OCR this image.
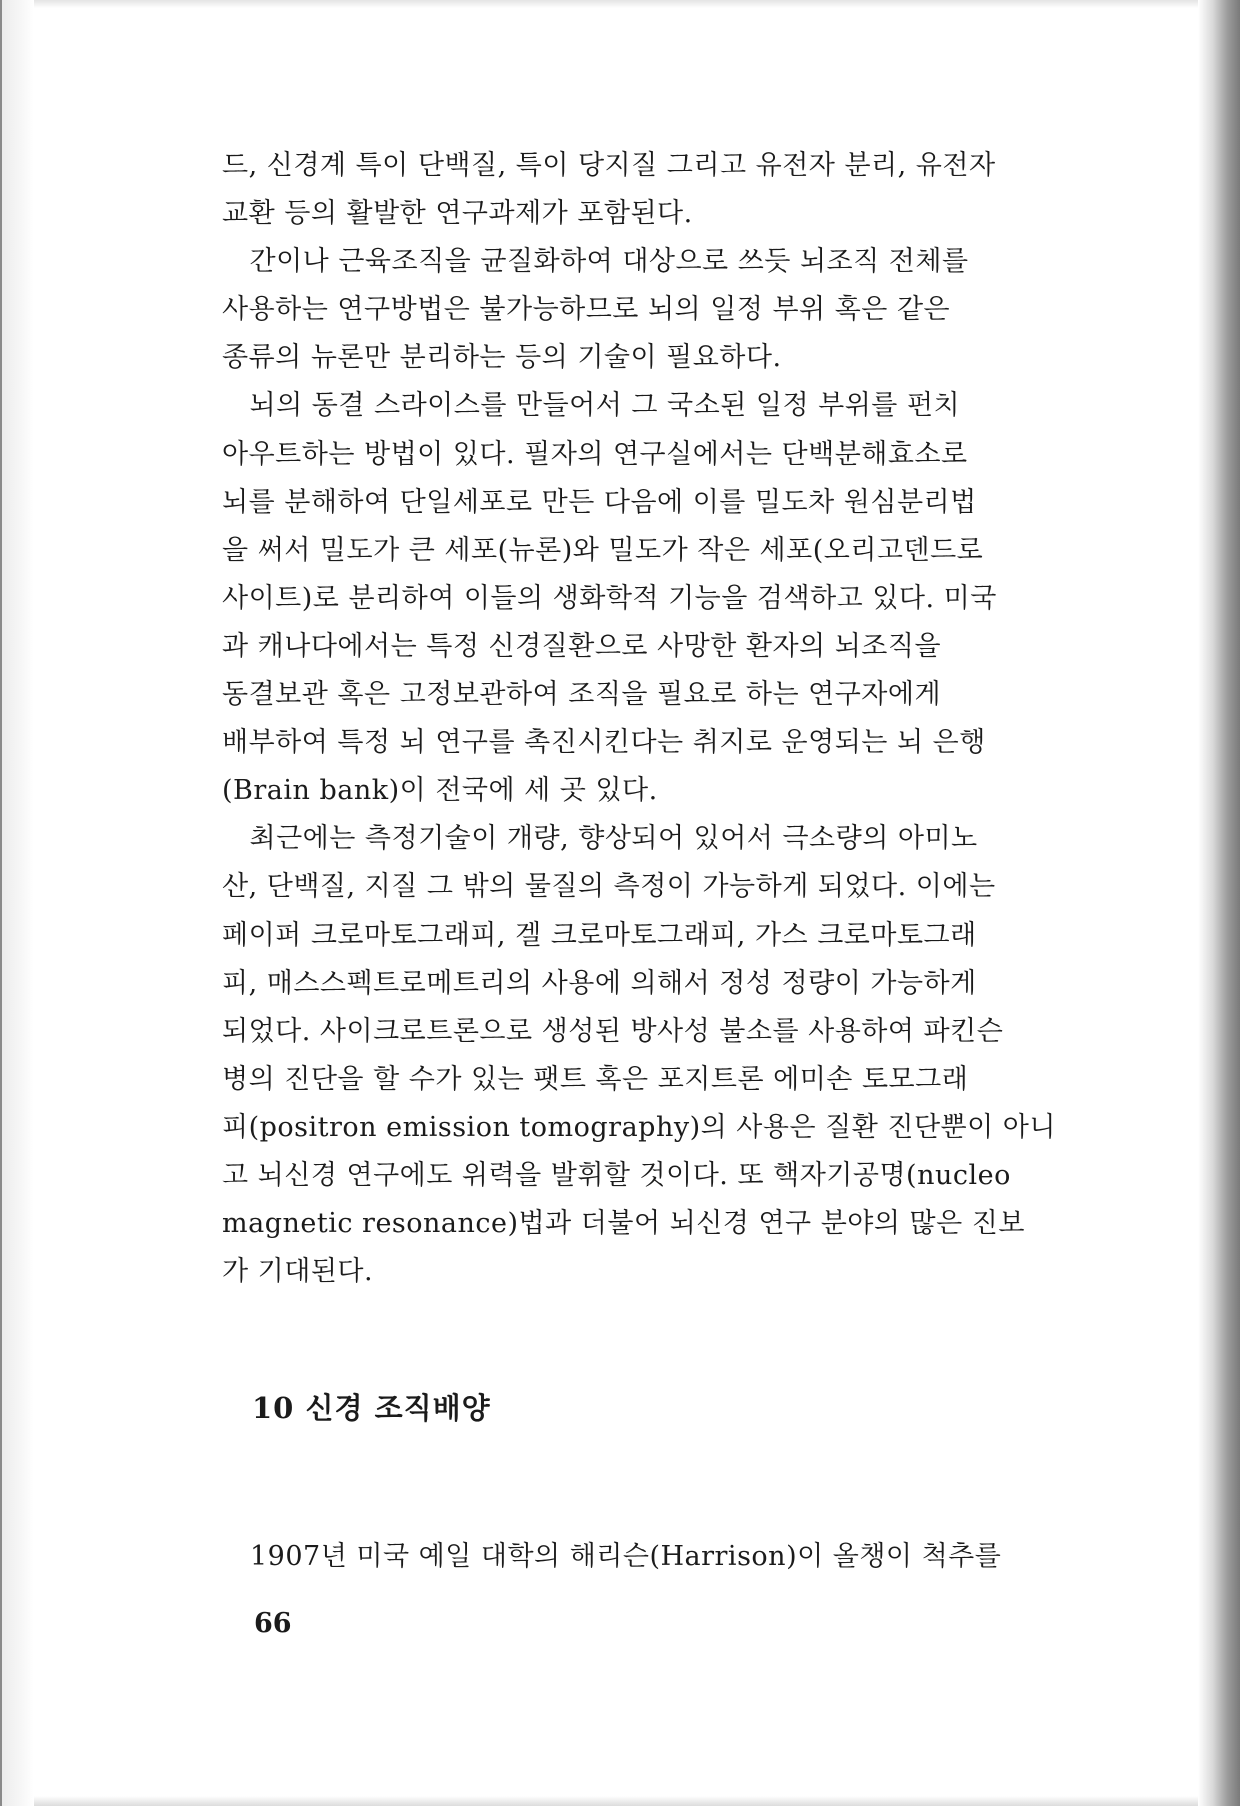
드, 신경계 특이 단백질, 특이 당지질 그리고 유전자 분리, 유전자
교환 등의 활발한 연구과제가 포함된다.

　간이나 근육조직을 균질화하여 대상으로 쓰듯 뇌조직 전체를
사용하는 연구방법은 불가능하므로 뇌의 일정 부위 혹은 같은
종류의 뉴론만 분리하는 등의 기술이 필요하다.

　뇌의 동결 스라이스를 만들어서 그 국소된 일정 부위를 펀치
아우트하는 방법이 있다. 필자의 연구실에서는 단백분해효소로
뇌를 분해하여 단일세포로 만든 다음에 이를 밀도차 원심분리법
을 써서 밀도가 큰 세포(뉴론)와 밀도가 작은 세포(오리고덴드로
사이트)로 분리하여 이들의 생화학적 기능을 검색하고 있다. 미국
과 캐나다에서는 특정 신경질환으로 사망한 환자의 뇌조직을
동결보관 혹은 고정보관하여 조직을 필요로 하는 연구자에게
배부하여 특정 뇌 연구를 촉진시킨다는 취지로 운영되는 뇌 은행
(Brain bank)이 전국에 세 곳 있다.

　최근에는 측정기술이 개량, 향상되어 있어서 극소량의 아미노
산, 단백질, 지질 그 밖의 물질의 측정이 가능하게 되었다. 이에는
페이퍼 크로마토그래피, 겔 크로마토그래피, 가스 크로마토그래
피, 매스스펙트로메트리의 사용에 의해서 정성 정량이 가능하게
되었다. 사이크로트론으로 생성된 방사성 불소를 사용하여 파킨슨
병의 진단을 할 수가 있는 팻트 혹은 포지트론 에미손 토모그래
피(positron emission tomography)의 사용은 질환 진단뿐이 아니
고 뇌신경 연구에도 위력을 발휘할 것이다. 또 핵자기공명(nucleo
magnetic resonance)법과 더불어 뇌신경 연구 분야의 많은 진보
가 기대된다.

10 신경 조직배양

1907년 미국 예일 대학의 해리슨(Harrison)이 올챙이 척추를

66
